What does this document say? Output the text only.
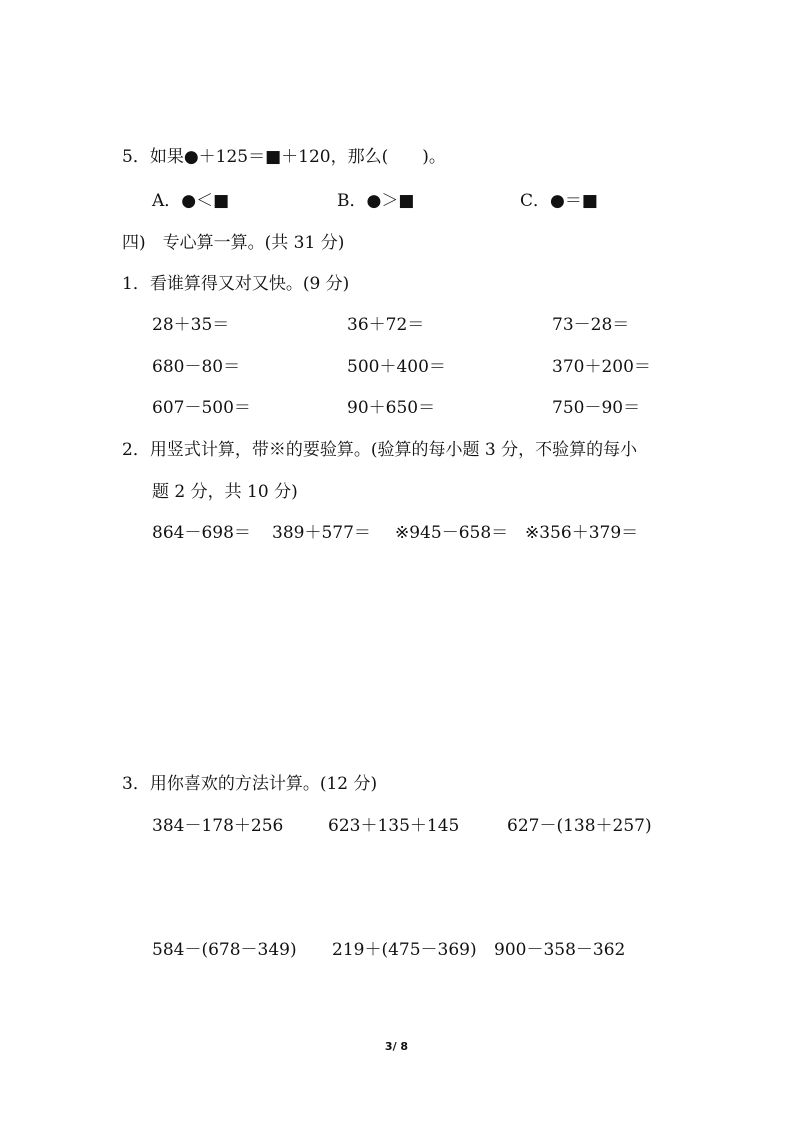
5．如果●＋125＝■＋120，那么(　　)。
A．●＜■	B．●＞■	C．●＝■
四)　专心算一算。(共 31 分)
1．看谁算得又对又快。(9 分)
28＋35＝	36＋72＝	73－28＝
680－80＝	500＋400＝	370＋200＝
607－500＝	90＋650＝	750－90＝
2．用竖式计算，带※的要验算。(验算的每小题 3 分，不验算的每小
题 2 分，共 10 分)
864－698＝ 389＋577＝ ※945－658＝ ※356＋379＝
3．用你喜欢的方法计算。(12 分)
384－178＋256	623＋135＋145	627－(138＋257)
584－(678－349) 219＋(475－369) 900－358－362
3/ 8
